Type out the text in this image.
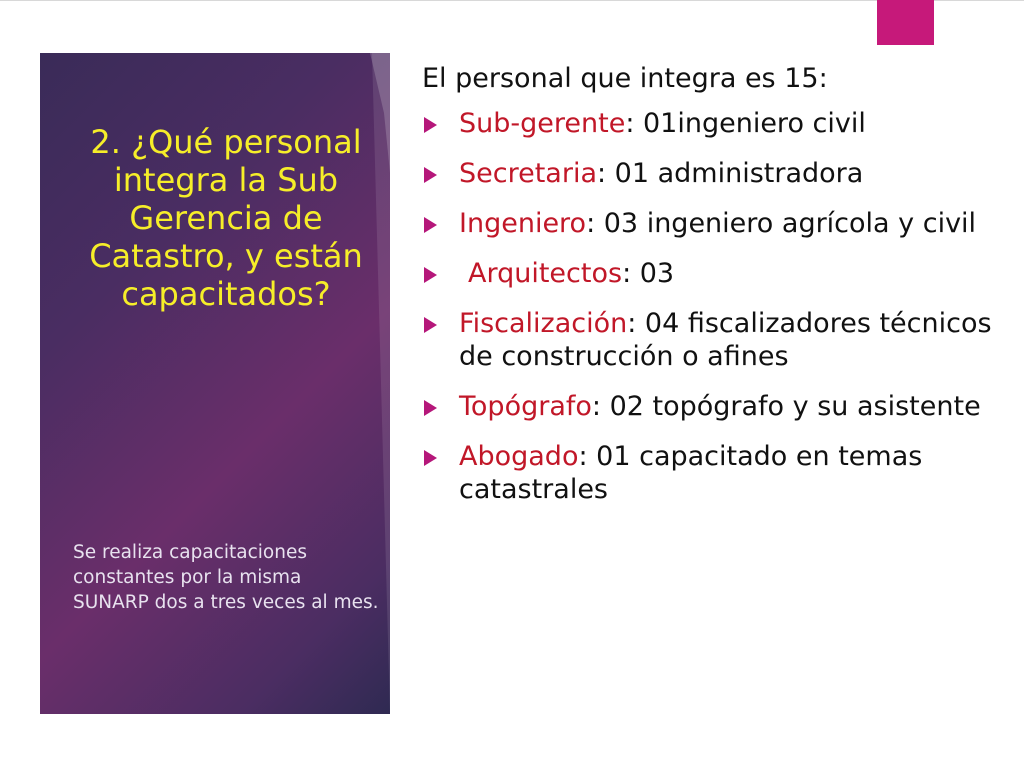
2. ¿Qué personal integra la Sub Gerencia de Catastro, y están capacitados?
Se realiza capacitaciones constantes por la misma SUNARP dos a tres veces al mes.
El personal que integra es 15:
Sub-gerente: 01ingeniero civil
Secretaria: 01 administradora
Ingeniero: 03 ingeniero agrícola y civil
Arquitectos: 03
Fiscalización: 04 fiscalizadores técnicos
de construcción o afines
Topógrafo: 02 topógrafo y su asistente
Abogado: 01 capacitado en temas catastrales
